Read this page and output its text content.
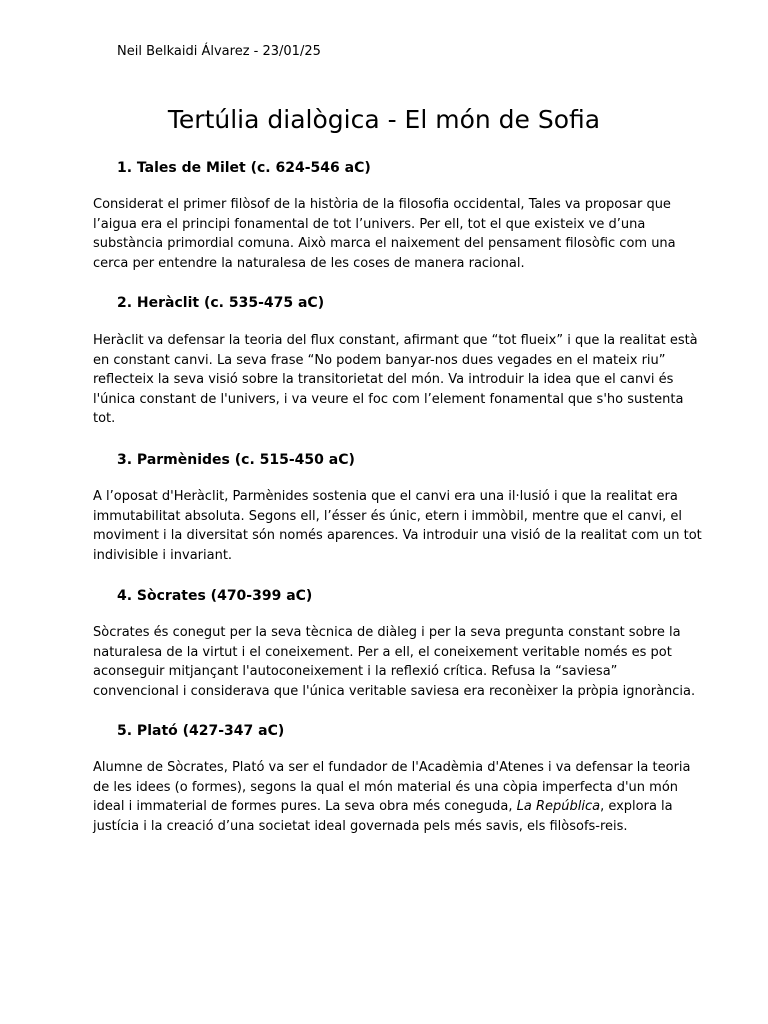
Neil Belkaidi Álvarez - 23/01/25
Tertúlia dialògica - El món de Sofia
1. Tales de Milet (c. 624-546 aC)
Considerat el primer filòsof de la història de la filosofia occidental, Tales va proposar que
l’aigua era el principi fonamental de tot l’univers. Per ell, tot el que existeix ve d’una
substància primordial comuna. Això marca el naixement del pensament filosòfic com una
cerca per entendre la naturalesa de les coses de manera racional.
2. Heràclit (c. 535-475 aC)
Heràclit va defensar la teoria del flux constant, afirmant que “tot flueix” i que la realitat està
en constant canvi. La seva frase “No podem banyar-nos dues vegades en el mateix riu”
reflecteix la seva visió sobre la transitorietat del món. Va introduir la idea que el canvi és
l'única constant de l'univers, i va veure el foc com l’element fonamental que s'ho sustenta
tot.
3. Parmènides (c. 515-450 aC)
A l’oposat d'Heràclit, Parmènides sostenia que el canvi era una il·lusió i que la realitat era
immutabilitat absoluta. Segons ell, l’ésser és únic, etern i immòbil, mentre que el canvi, el
moviment i la diversitat són només aparences. Va introduir una visió de la realitat com un tot
indivisible i invariant.
4. Sòcrates (470-399 aC)
Sòcrates és conegut per la seva tècnica de diàleg i per la seva pregunta constant sobre la
naturalesa de la virtut i el coneixement. Per a ell, el coneixement veritable només es pot
aconseguir mitjançant l'autoconeixement i la reflexió crítica. Refusa la “saviesa”
convencional i considerava que l'única veritable saviesa era reconèixer la pròpia ignorància.
5. Plató (427-347 aC)
Alumne de Sòcrates, Plató va ser el fundador de l'Acadèmia d'Atenes i va defensar la teoria
de les idees (o formes), segons la qual el món material és una còpia imperfecta d'un món
ideal i immaterial de formes pures. La seva obra més coneguda, La República, explora la
justícia i la creació d’una societat ideal governada pels més savis, els filòsofs-reis.
